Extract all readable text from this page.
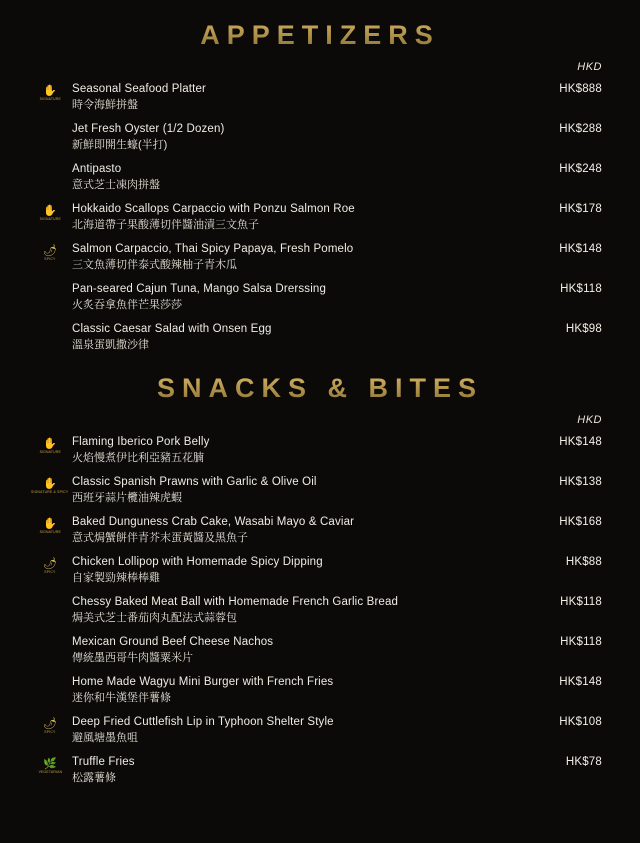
APPETIZERS
HKD
✋
SIGNATURE
Seasonal Seafood Platter
時令海鮮拼盤
HK$888
Jet Fresh Oyster (1/2 Dozen)
新鮮即開生蠔(半打)
HK$288
Antipasto
意式芝士凍肉拼盤
HK$248
✋
SIGNATURE
Hokkaido Scallops Carpaccio with Ponzu Salmon Roe
北海道帶子果酸薄切伴醬油漬三文魚子
HK$178
🌶
SPICY
Salmon Carpaccio, Thai Spicy Papaya, Fresh Pomelo
三文魚薄切伴泰式酸辣柚子青木瓜
HK$148
Pan-seared Cajun Tuna, Mango Salsa Drerssing
火炙吞拿魚伴芒果莎莎
HK$118
Classic Caesar Salad with Onsen Egg
溫泉蛋凱撒沙律
HK$98
SNACKS & BITES
HKD
✋
SIGNATURE
Flaming Iberico Pork Belly
火焰慢煮伊比利亞豬五花腩
HK$148
✋
SIGNATURE & SPICY
Classic Spanish Prawns with Garlic & Olive Oil
西班牙蒜片欖油辣虎蝦
HK$138
✋
SIGNATURE
Baked Dunguness Crab Cake, Wasabi Mayo & Caviar
意式焗蟹餅伴青芥末蛋黃醬及黑魚子
HK$168
🌶
SPICY
Chicken Lollipop with Homemade Spicy Dipping
自家製勁辣棒棒雞
HK$88
Chessy Baked Meat Ball with Homemade French Garlic Bread
焗美式芝士番茄肉丸配法式蒜蓉包
HK$118
Mexican Ground Beef Cheese Nachos
傳統墨西哥牛肉醬粟米片
HK$118
Home Made Wagyu Mini Burger with French Fries
迷你和牛漢堡伴薯條
HK$148
🌶
SPICY
Deep Fried Cuttlefish Lip in Typhoon Shelter Style
避風塘墨魚咀
HK$108
🌿
VEGETARIAN
Truffle Fries
松露薯條
HK$78
